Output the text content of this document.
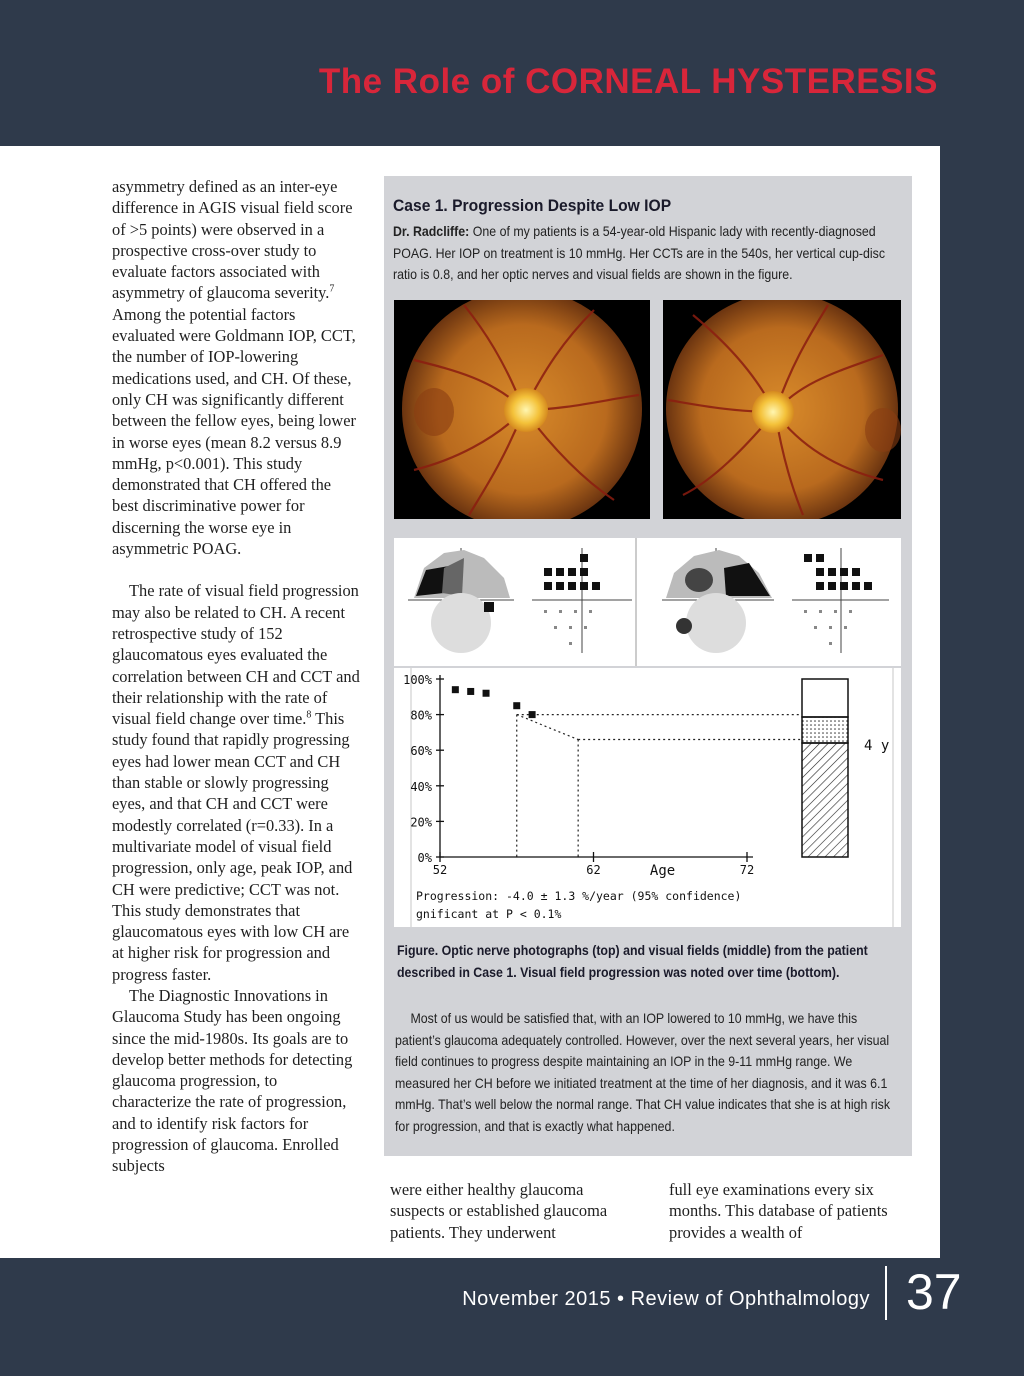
The Role of CORNEAL HYSTERESIS

asymmetry defined as an inter-eye difference in AGIS visual field score of >5 points) were observed in a prospective cross-over study to evaluate factors associated with asymmetry of glaucoma severity.$^7$ Among the potential factors evaluated were Goldmann IOP, CCT, the number of IOP-lowering medications used, and CH. Of these, only CH was significantly different between the fellow eyes, being lower in worse eyes (mean 8.2 versus 8.9 mmHg, p<0.001). This study demonstrated that CH offered the best discriminative power for discerning the worse eye in asymmetric POAG.

The rate of visual field progression may also be related to CH. A recent retrospective study of 152 glaucomatous eyes evaluated the correlation between CH and CCT and their relationship with the rate of visual field change over time.$^8$ This study found that rapidly progressing eyes had lower mean CCT and CH than stable or slowly progressing eyes, and that CH and CCT were modestly correlated (r=0.33). In a multivariate model of visual field progression, only age, peak IOP, and CH were predictive; CCT was not. This study demonstrates that glaucomatous eyes with low CH are at higher risk for progression and progress faster.

The Diagnostic Innovations in Glaucoma Study has been ongoing since the mid-1980s. Its goals are to develop better methods for detecting glaucoma progression, to characterize the rate of progression, and to identify risk factors for progression of glaucoma. Enrolled subjects

Case 1. Progression Despite Low IOP

Dr. Radcliffe: One of my patients is a 54-year-old Hispanic lady with recently-diagnosed POAG. Her IOP on treatment is 10 mmHg. Her CCTs are in the 540s, her vertical cup-disc ratio is 0.8, and her optic nerves and visual fields are shown in the figure.

0%
20%
40%
60%
80%
100%
52	62	72
Age
4 y
Progression: -4.0 ± 1.3 %/year (95% confidence)
gnificant at P < 0.1%

Figure. Optic nerve photographs (top) and visual fields (middle) from the patient described in Case 1. Visual field progression was noted over time (bottom).

Most of us would be satisfied that, with an IOP lowered to 10 mmHg, we have this patient’s glaucoma adequately controlled. However, over the next several years, her visual field continues to progress despite maintaining an IOP in the 9-11 mmHg range. We measured her CH before we initiated treatment at the time of her diagnosis, and it was 6.1 mmHg. That’s well below the normal range. That CH value indicates that she is at high risk for progression, and that is exactly what happened.

were either healthy glaucoma suspects or established glaucoma patients. They underwent

full eye examinations every six months. This database of patients provides a wealth of

November 2015 • Review of Ophthalmology 37
